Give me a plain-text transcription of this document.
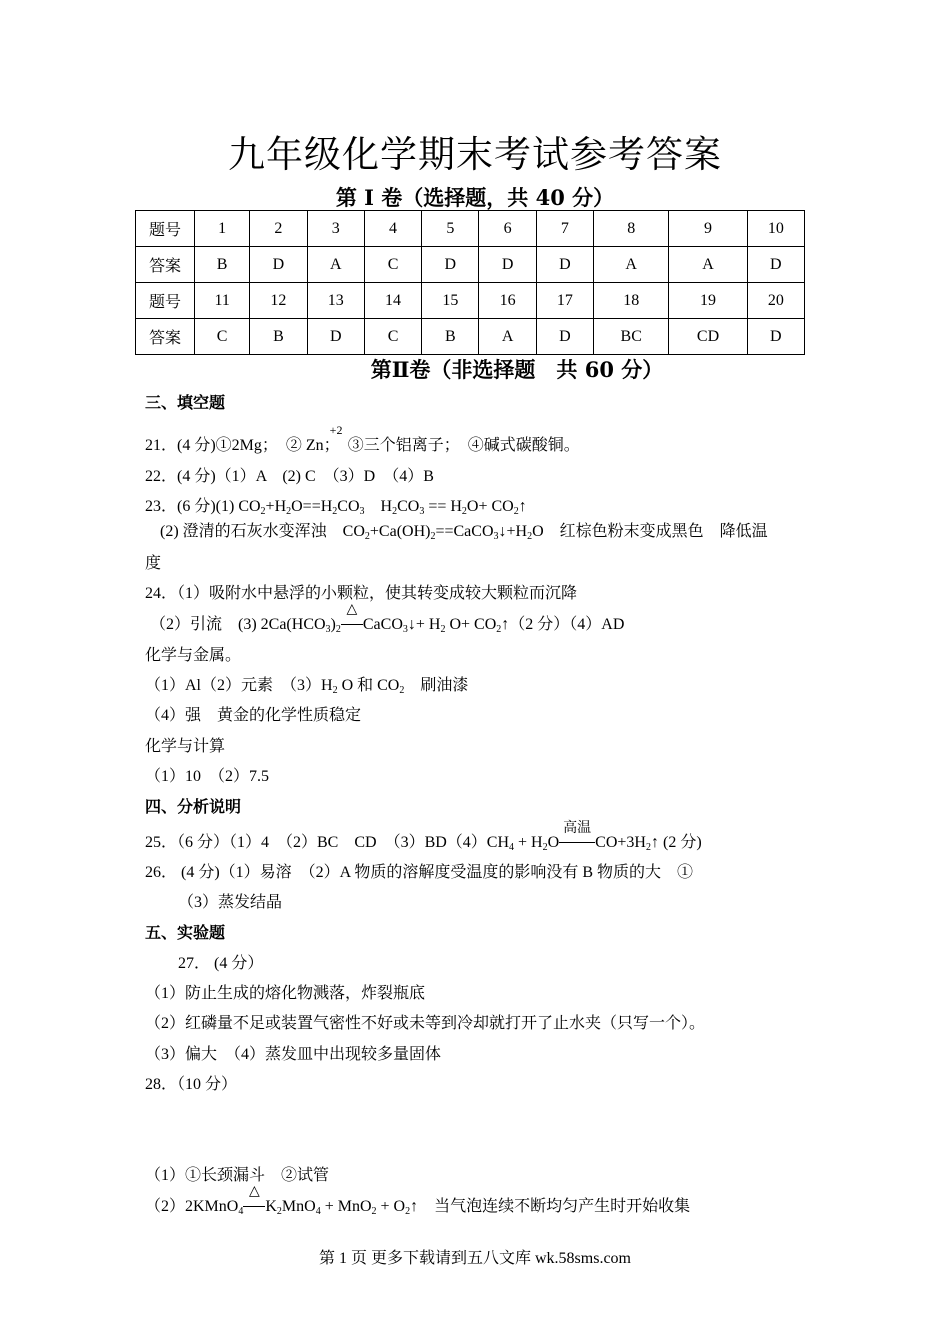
九年级化学期末考试参考答案
第 I 卷（选择题，共 40 分）
题号	1	2	3	4	5	6	7	8	9	10
答案	B	D	A	C	D	D	D	A	A	D
题号	11	12	13	14	15	16	17	18	19	20
答案	C	B	D	C	B	A	D	BC	CD	D
第Ⅱ卷（非选择题　共 60 分）
三、填空题
21．(4 分)①2Mg；　② Zn；
+2
　③三个铝离子；　④碱式碳酸铜。
22．(4 分)（1）A　(2) C　（3）D　（4）B
23．(6 分)(1) $CO_2+H_2O==H_2CO_3$　$H_2CO_3 == H_2O+$ $CO_2↑$
(2) 澄清的石灰水变浑浊　$CO_2+Ca(OH)_2==CaCO_3↓+H_2O$　红棕色粉末变成黑色　降低温
度
24．（1）吸附水中悬浮的小颗粒，使其转变成较大颗粒而沉降
（2）引流　(3) $2Ca(HCO_3)_2$
△
CaCO$_3$↓+ $H_2$ $O+ CO_2↑(2$ 分）（4）AD
化学与金属。
（1）Al（2）元素　$(3)H_2$ O 和 $CO_2$　刷油漆
（4）强　黄金的化学性质稳定
化学与计算
（1）10　（2）7.5
四、分析说明
25．（6 分）（1）4　（2）BC　CD　$(3)BD(4)CH_4 + H_2O$
高温
$CO+3H_2↑$ (2 分)
26． (4 分)（1）易溶　（2）A 物质的溶解度受温度的影响没有 B 物质的大　①
（3）蒸发结晶
五、实验题
27． (4 分）
（1）防止生成的熔化物溅落，炸裂瓶底
（2）红磷量不足或装置气密性不好或未等到冷却就打开了止水夹（只写一个）。
（3）偏大　（4）蒸发皿中出现较多量固体
28．（10 分）
（1）①长颈漏斗　②试管
（2）2KMnO$_4$
△
$K_2MnO_4 + MnO_2$ + $O_2↑$　当气泡连续不断均匀产生时开始收集
第 1 页 更多下载请到五八文库 wk.58sms.com
